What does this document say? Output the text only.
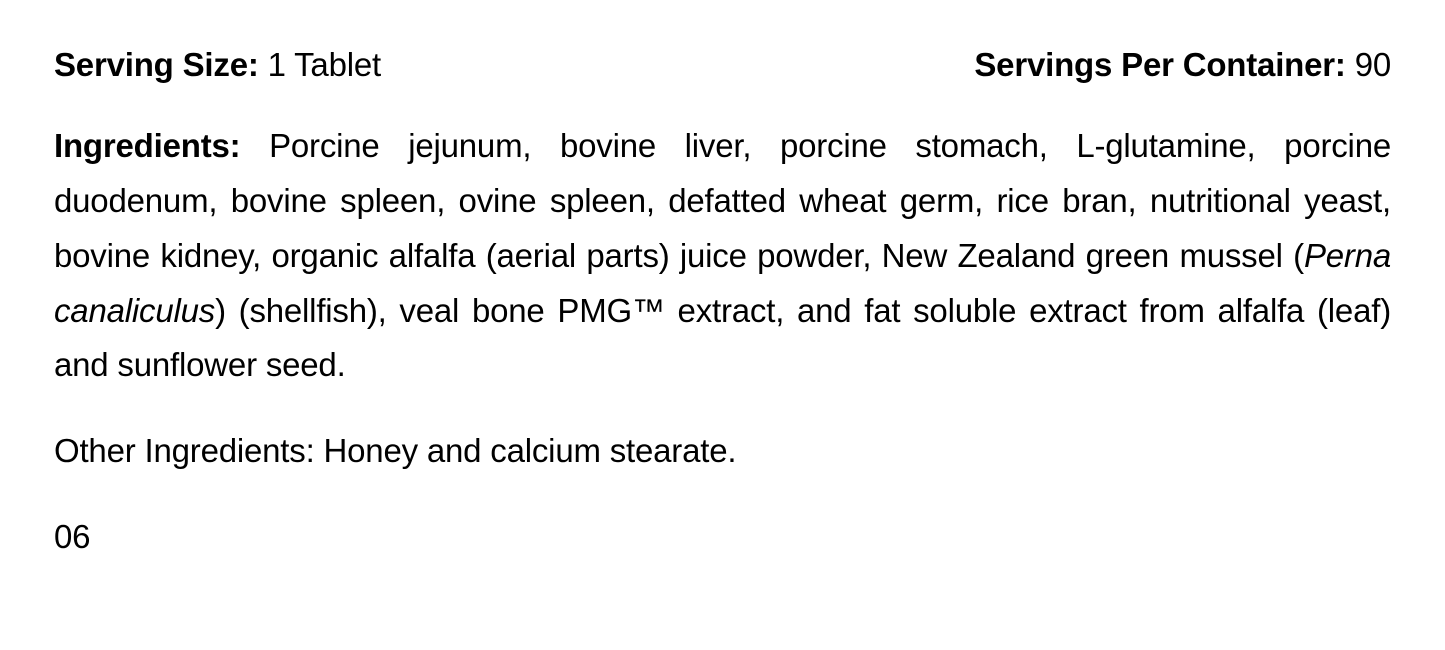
Serving Size: 1 Tablet	Servings Per Container: 90

Ingredients: Porcine jejunum, bovine liver, porcine stomach, L-glutamine, porcine duodenum, bovine spleen, ovine spleen, defatted wheat germ, rice bran, nutritional yeast, bovine kidney, organic alfalfa (aerial parts) juice powder, New Zealand green mussel (Perna canaliculus) (shellfish), veal bone PMG™ extract, and fat soluble extract from alfalfa (leaf) and sunflower seed.

Other Ingredients: Honey and calcium stearate.

06
